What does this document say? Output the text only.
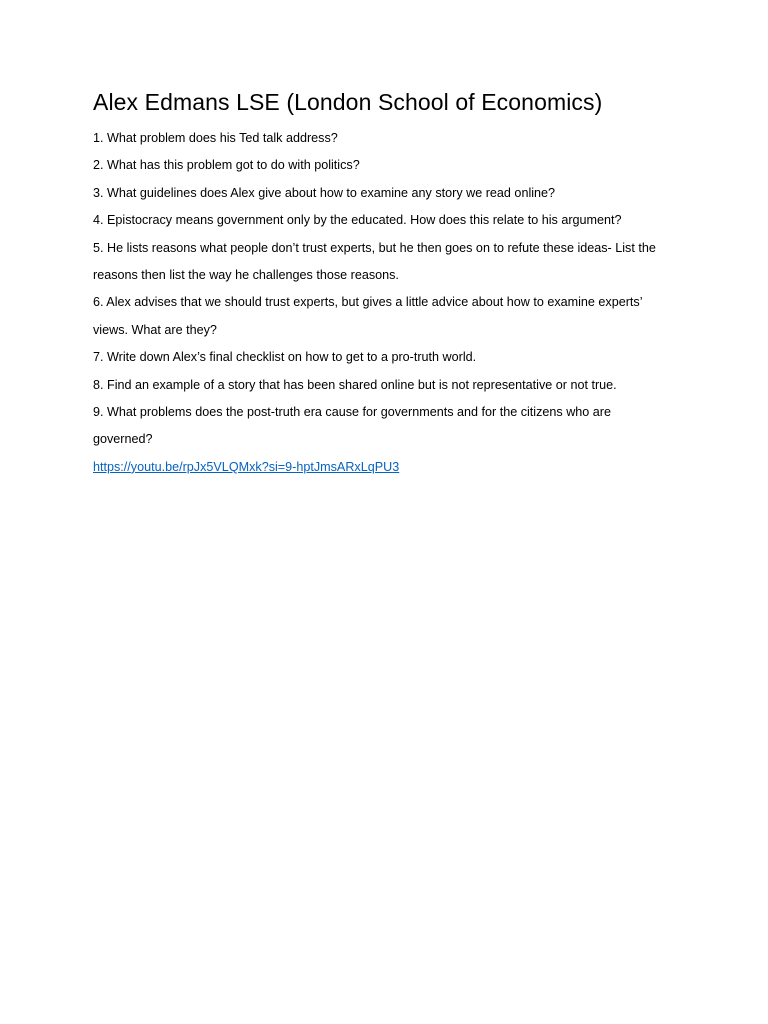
Alex Edmans LSE (London School of Economics)
1. What problem does his Ted talk address?
2. What has this problem got to do with politics?
3. What guidelines does Alex give about how to examine any story we read online?
4. Epistocracy means government only by the educated. How does this relate to his argument?
5. He lists reasons what people don’t trust experts, but he then goes on to refute these ideas- List the reasons then list the way he challenges those reasons.
6. Alex advises that we should trust experts, but gives a little advice about how to examine experts’ views. What are they?
7. Write down Alex’s final checklist on how to get to a pro-truth world.
8. Find an example of a story that has been shared online but is not representative or not true.
9. What problems does the post-truth era cause for governments and for the citizens who are governed?
https://youtu.be/rpJx5VLQMxk?si=9-hptJmsARxLqPU3
